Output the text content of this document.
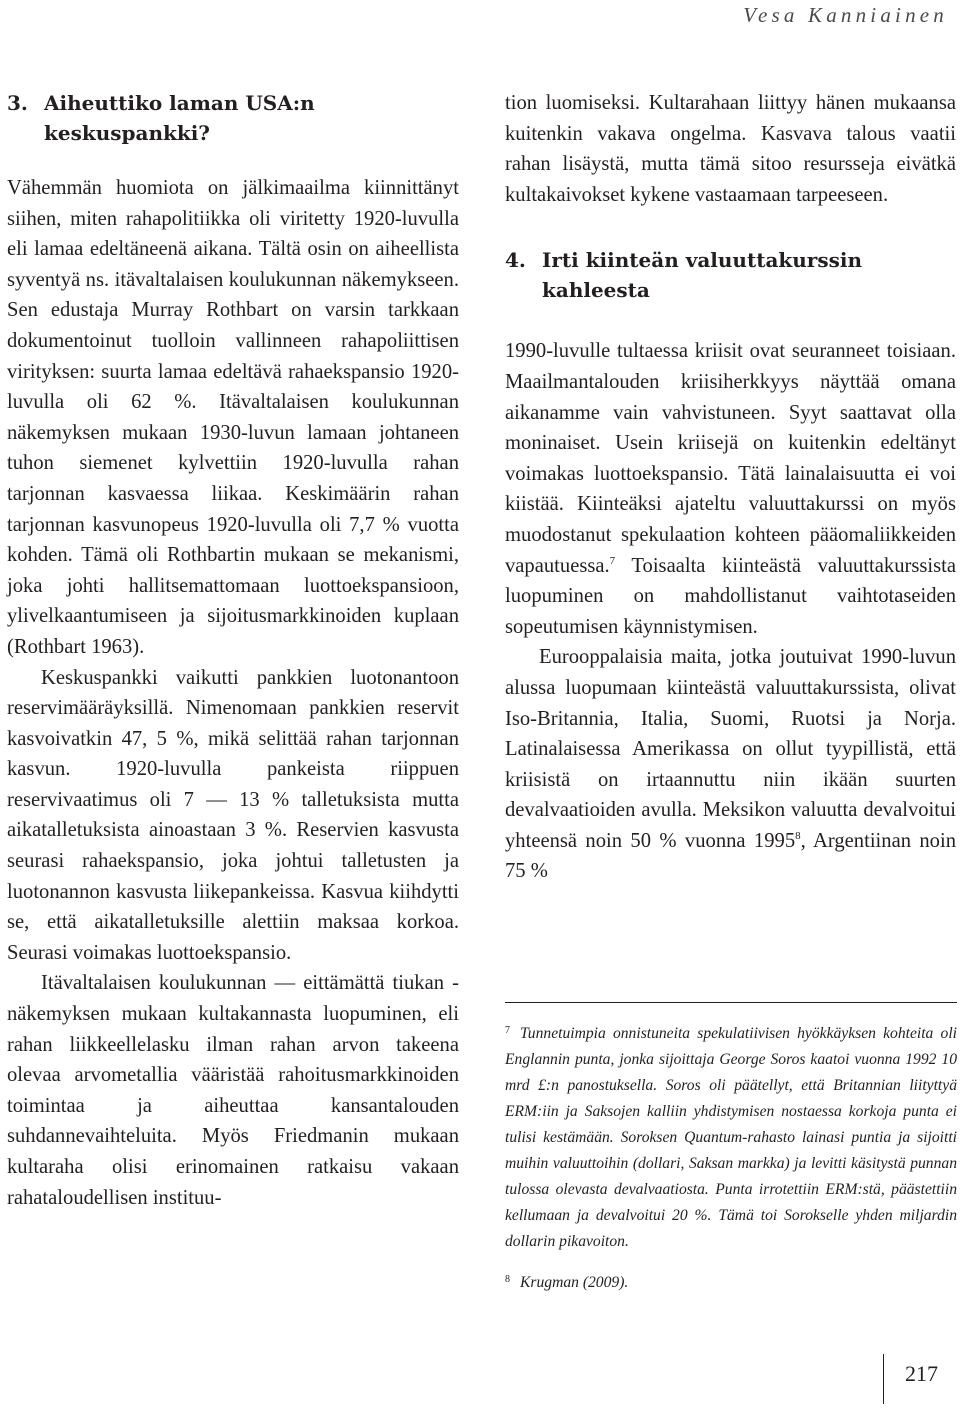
Vesa Kanniainen
3. Aiheuttiko laman USA:n keskuspankki?

Vähemmän huomiota on jälkimaailma kiinnittänyt siihen, miten rahapolitiikka oli viritetty 1920-luvulla eli lamaa edeltäneenä aikana. Tältä osin on aiheellista syventyä ns. itävaltalaisen koulukunnan näkemykseen. Sen edustaja Murray Rothbart on varsin tarkkaan dokumentoinut tuolloin vallinneen rahapoliittisen virityksen: suurta lamaa edeltävä rahaekspansio 1920-luvulla oli 62 %. Itävaltalaisen koulukunnan näkemyksen mukaan 1930-luvun lamaan johtaneen tuhon siemenet kylvettiin 1920-luvulla rahan tarjonnan kasvaessa liikaa. Keskimäärin rahan tarjonnan kasvunopeus 1920-luvulla oli 7,7 % vuotta kohden. Tämä oli Rothbartin mukaan se mekanismi, joka johti hallitsemattomaan luottoekspansioon, ylivelkaantumiseen ja sijoitusmarkkinoiden kuplaan (Rothbart 1963).

Keskuspankki vaikutti pankkien luotonantoon reservimääräyksillä. Nimenomaan pankkien reservit kasvoivatkin 47, 5 %, mikä selittää rahan tarjonnan kasvun. 1920-luvulla pankeista riippuen reservivaatimus oli 7 — 13 % talletuksista mutta aikatalletuksista ainoastaan 3 %. Reservien kasvusta seurasi rahaekspansio, joka johtui talletusten ja luotonannon kasvusta liikepankeissa. Kasvua kiihdytti se, että aikatalletuksille alettiin maksaa korkoa. Seurasi voimakas luottoekspansio.

Itävaltalaisen koulukunnan — eittämättä tiukan - näkemyksen mukaan kultakannasta luopuminen, eli rahan liikkeellelasku ilman rahan arvon takeena olevaa arvometallia vääristää rahoitusmarkkinoiden toimintaa ja aiheuttaa kansantalouden suhdannevaihteluita. Myös Friedmanin mukaan kultaraha olisi erinomainen ratkaisu vakaan rahataloudellisen instituu-

tion luomiseksi. Kultarahaan liittyy hänen mukaansa kuitenkin vakava ongelma. Kasvava talous vaatii rahan lisäystä, mutta tämä sitoo resursseja eivätkä kultakaivokset kykene vastaamaan tarpeeseen.

4. Irti kiinteän valuuttakurssin kahleesta

1990-luvulle tultaessa kriisit ovat seuranneet toisiaan. Maailmantalouden kriisiherkkyys näyttää omana aikanamme vain vahvistuneen. Syyt saattavat olla moninaiset. Usein kriisejä on kuitenkin edeltänyt voimakas luottoekspansio. Tätä lainalaisuutta ei voi kiistää. Kiinteäksi ajateltu valuuttakurssi on myös muodostanut spekulaation kohteen pääomaliikkeiden vapautuessa.$^7$ Toisaalta kiinteästä valuuttakurssista luopuminen on mahdollistanut vaihtotaseiden sopeutumisen käynnistymisen.

Eurooppalaisia maita, jotka joutuivat 1990-luvun alussa luopumaan kiinteästä valuuttakurssista, olivat Iso-Britannia, Italia, Suomi, Ruotsi ja Norja. Latinalaisessa Amerikassa on ollut tyypillistä, että kriisistä on irtaannuttu niin ikään suurten devalvaatioiden avulla. Meksikon valuutta devalvoitui yhteensä noin 50 % vuonna 1995$^8$, Argentiinan noin 75 %

$^7$ Tunnetuimpia onnistuneita spekulatiivisen hyökkäyksen kohteita oli Englannin punta, jonka sijoittaja George Soros kaatoi vuonna 1992 10 mrd £:n panostuksella. Soros oli päätellyt, että Britannian liityttyä ERM:iin ja Saksojen kalliin yhdistymisen nostaessa korkoja punta ei tulisi kestämään. Soroksen Quantum-rahasto lainasi puntia ja sijoitti muihin valuuttoihin (dollari, Saksan markka) ja levitti käsitystä punnan tulossa olevasta devalvaatiosta. Punta irrotettiin ERM:stä, päästettiin kellumaan ja devalvoitui 20 %. Tämä toi Sorokselle yhden miljardin dollarin pikavoiton.

$^8$ Krugman (2009).

217
